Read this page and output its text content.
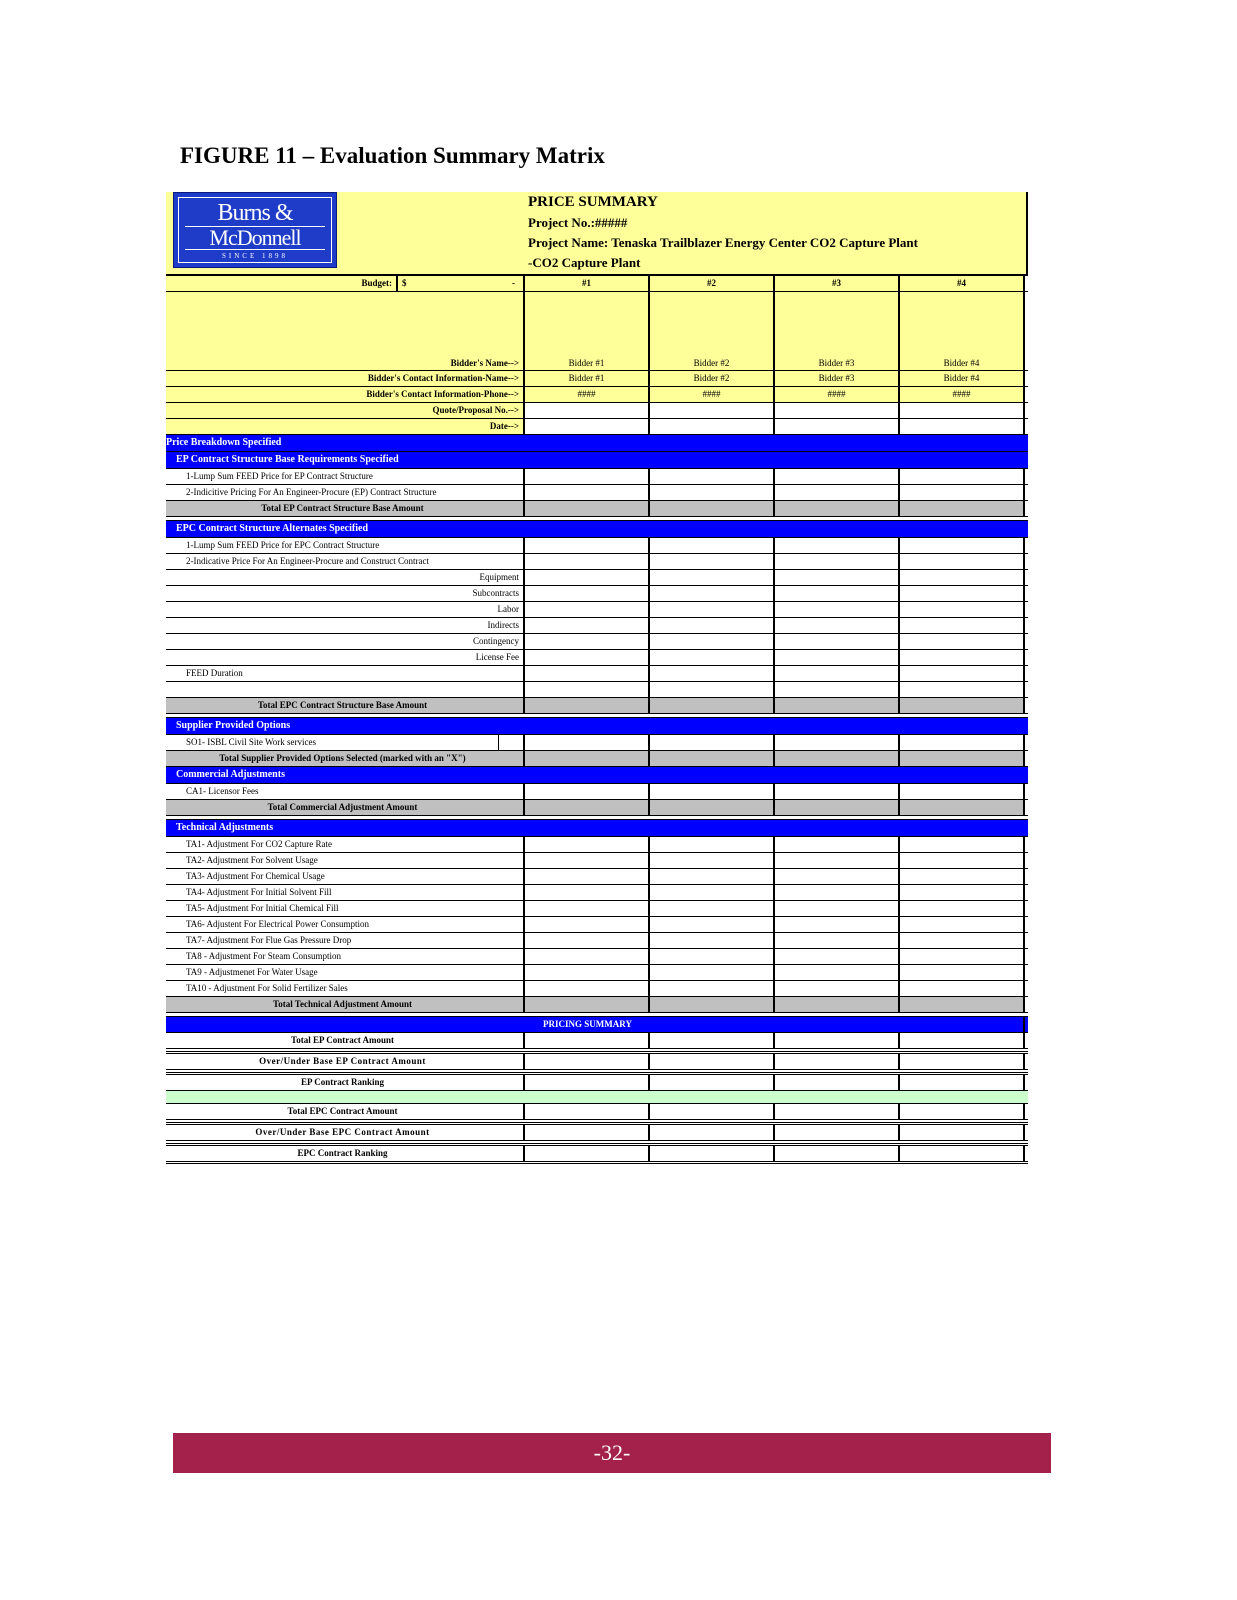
FIGURE 11 – Evaluation Summary Matrix
Burns &
McDonnell
SINCE 1898
PRICE SUMMARY
Project No.:#####
Project Name: Tenaska Trailblazer Energy Center CO2 Capture Plant
-CO2 Capture Plant
Budget:	$	-	#1	#2	#3	#4
Bidder's Name-->	Bidder #1	Bidder #2	Bidder #3	Bidder #4
Bidder's Contact Information-Name-->	Bidder #1	Bidder #2	Bidder #3	Bidder #4
Bidder's Contact Information-Phone-->	####	####	####	####
Quote/Proposal No.-->
Date-->
Price Breakdown Specified
EP Contract Structure Base Requirements Specified
1-Lump Sum FEED Price for EP Contract Structure
2-Indicitive Pricing For An Engineer-Procure (EP) Contract Structure
Total EP Contract Structure Base Amount
EPC Contract Structure Alternates Specified
1-Lump Sum FEED Price for EPC Contract Structure
2-Indicative Price For An Engineer-Procure and Construct Contract
Equipment
Subcontracts
Labor
Indirects
Contingency
License Fee
FEED Duration
Total EPC Contract Structure Base Amount
Supplier Provided Options
SO1- ISBL Civil Site Work services
Total Supplier Provided Options Selected (marked with an "X")
Commercial Adjustments
CA1- Licensor Fees
Total Commercial Adjustment Amount
Technical Adjustments
TA1- Adjustment For CO2 Capture Rate
TA2- Adjustment For Solvent Usage
TA3- Adjustment For Chemical Usage
TA4- Adjustment For Initial Solvent Fill
TA5- Adjustment For Initial Chemical Fill
TA6- Adjustent For Electrical Power Consumption
TA7- Adjustment For Flue Gas Pressure Drop
TA8 - Adjustment For Steam Consumption
TA9 - Adjustmenet For Water Usage
TA10 - Adjustment For Solid Fertilizer Sales
Total Technical Adjustment Amount
PRICING SUMMARY
Total EP Contract Amount
Over/Under Base EP Contract Amount
EP Contract Ranking
Total EPC Contract Amount
Over/Under Base EPC Contract Amount
EPC Contract Ranking
-32-
